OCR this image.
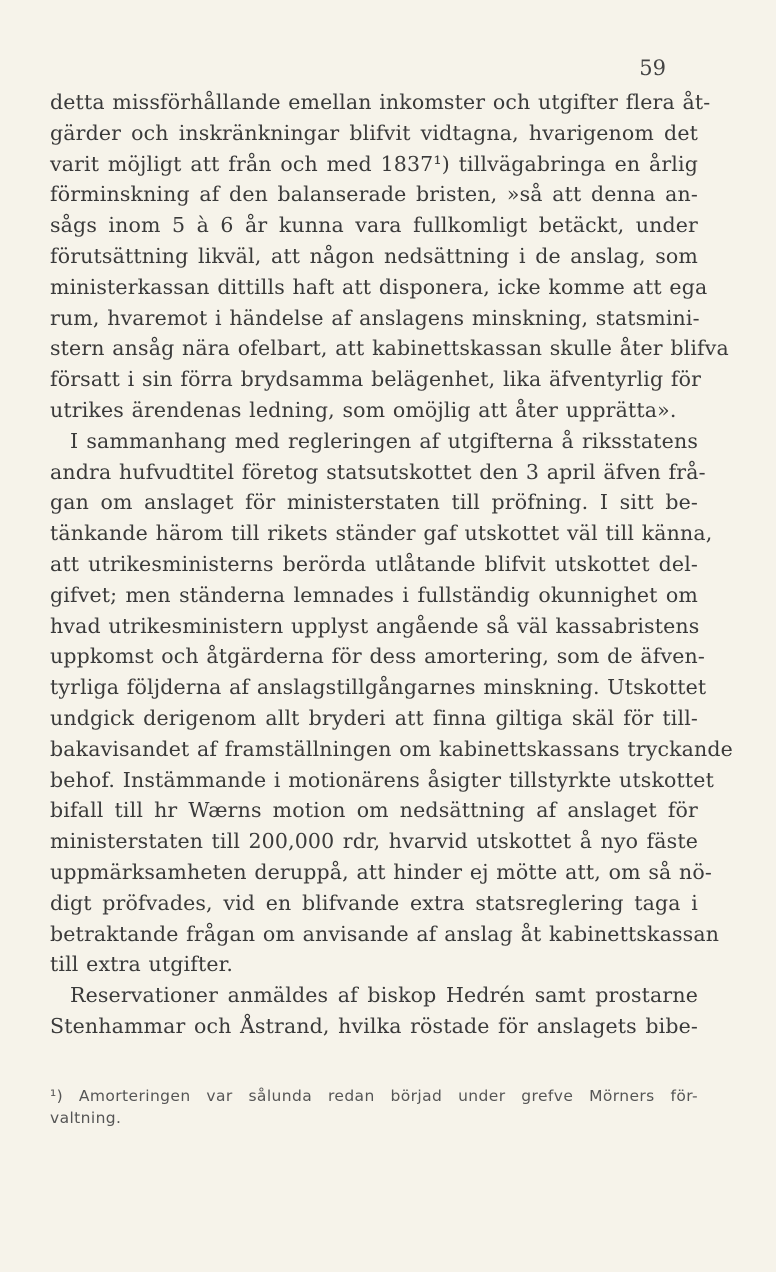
59
detta missförhållande emellan inkomster och utgifter flera åt-
gärder och inskränkningar blifvit vidtagna, hvarigenom det
varit möjligt att från och med 1837¹) tillvägabringa en årlig
förminskning af den balanserade bristen, »så att denna an-
sågs inom 5 à 6 år kunna vara fullkomligt betäckt, under
förutsättning likväl, att någon nedsättning i de anslag, som
ministerkassan dittills haft att disponera, icke komme att ega
rum, hvaremot i händelse af anslagens minskning, statsmini-
stern ansåg nära ofelbart, att kabinettskassan skulle åter blifva
försatt i sin förra brydsamma belägenhet, lika äfventyrlig för
utrikes ärendenas ledning, som omöjlig att åter upprätta».
I sammanhang med regleringen af utgifterna å riksstatens
andra hufvudtitel företog statsutskottet den 3 april äfven frå-
gan om anslaget för ministerstaten till pröfning. I sitt be-
tänkande härom till rikets ständer gaf utskottet väl till känna,
att utrikesministerns berörda utlåtande blifvit utskottet del-
gifvet; men ständerna lemnades i fullständig okunnighet om
hvad utrikesministern upplyst angående så väl kassabristens
uppkomst och åtgärderna för dess amortering, som de äfven-
tyrliga följderna af anslagstillgångarnes minskning. Utskottet
undgick derigenom allt bryderi att finna giltiga skäl för till-
bakavisandet af framställningen om kabinettskassans tryckande
behof. Instämmande i motionärens åsigter tillstyrkte utskottet
bifall till hr Wærns motion om nedsättning af anslaget för
ministerstaten till 200,000 rdr, hvarvid utskottet å nyo fäste
uppmärksamheten deruppå, att hinder ej mötte att, om så nö-
digt pröfvades, vid en blifvande extra statsreglering taga i
betraktande frågan om anvisande af anslag åt kabinettskassan
till extra utgifter.
Reservationer anmäldes af biskop Hedrén samt prostarne
Stenhammar och Åstrand, hvilka röstade för anslagets bibe-
¹) Amorteringen var sålunda redan börjad under grefve Mörners för-
valtning.
